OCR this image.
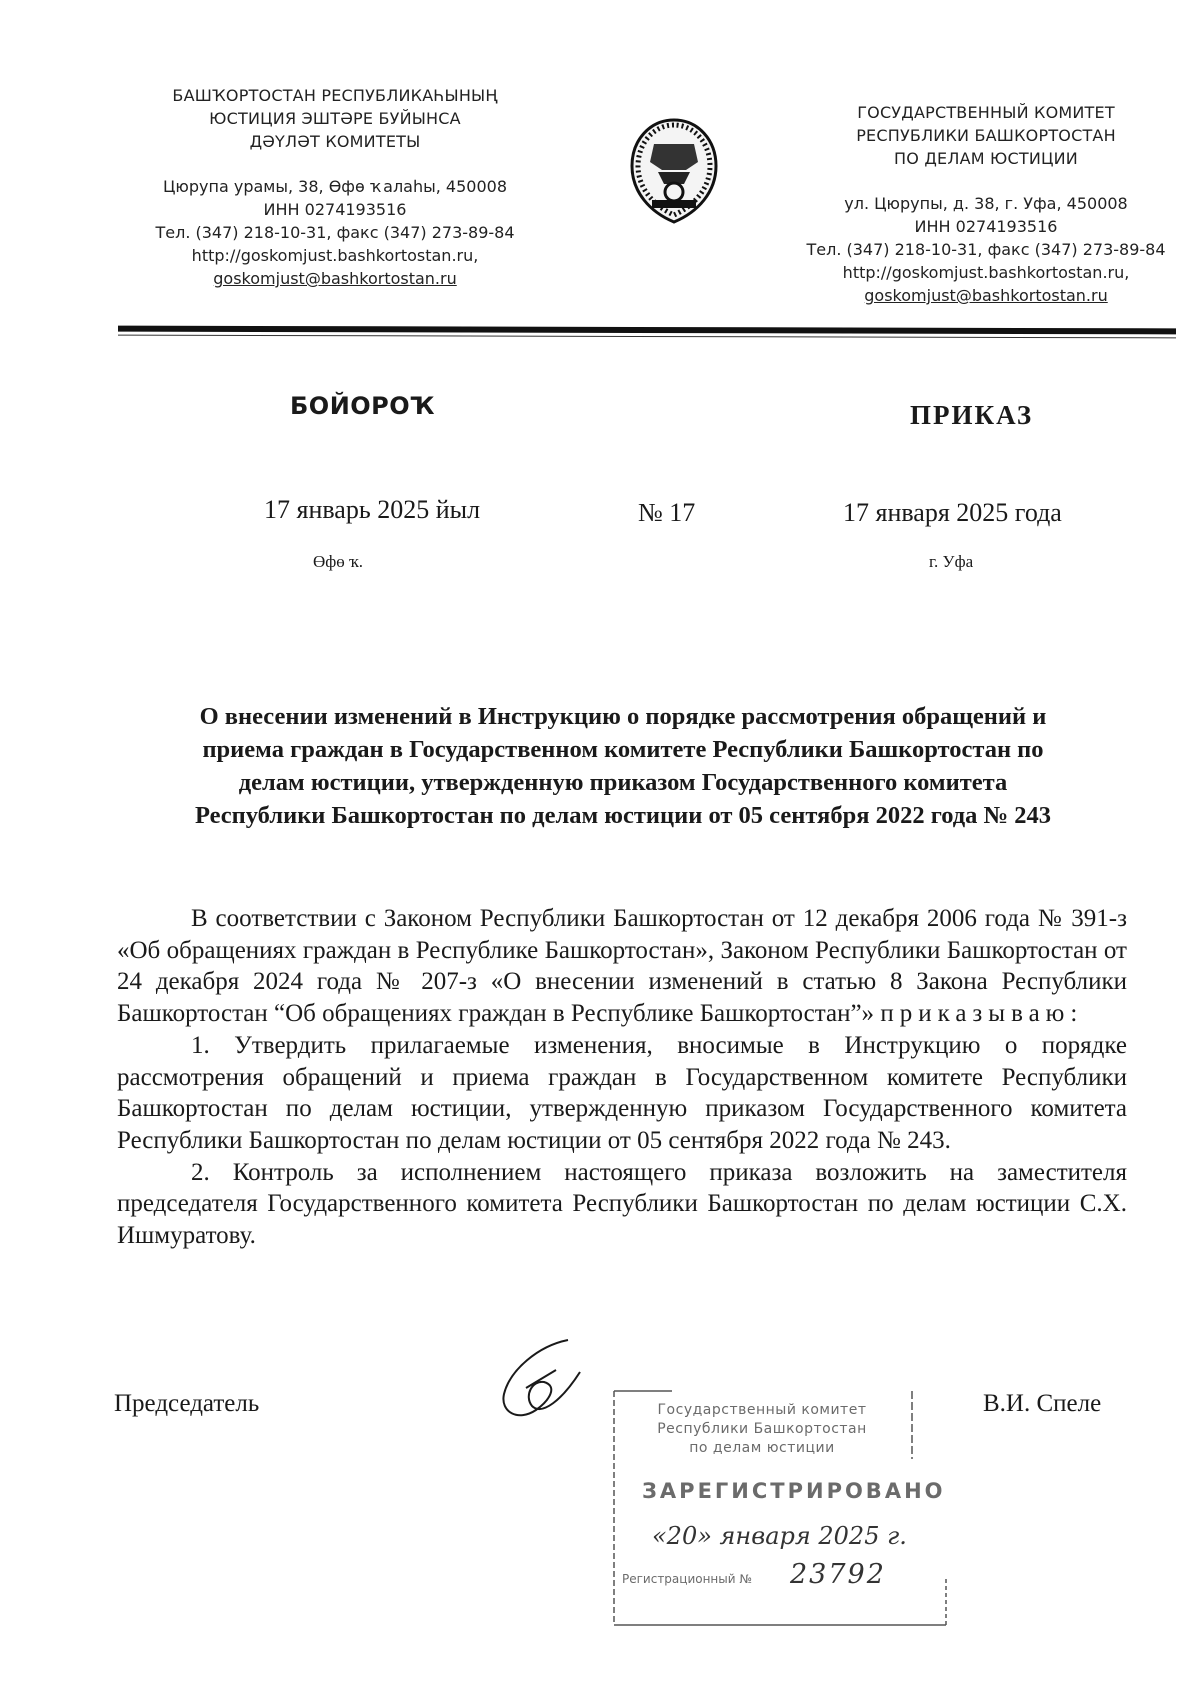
БАШҠОРТОСТАН РЕСПУБЛИКАҺЫНЫҢ
ЮСТИЦИЯ ЭШТӘРЕ БУЙЫНСА
ДӘҮЛӘТ КОМИТЕТЫ
Цюрупа урамы, 38, Өфө ҡалаһы, 450008
ИНН 0274193516
Тел. (347) 218-10-31, факс (347) 273-89-84
http://goskomjust.bashkortostan.ru,
goskomjust@bashkortostan.ru
ГОСУДАРСТВЕННЫЙ КОМИТЕТ
РЕСПУБЛИКИ БАШКОРТОСТАН
ПО ДЕЛАМ ЮСТИЦИИ
ул. Цюрупы, д. 38, г. Уфа, 450008
ИНН 0274193516
Тел. (347) 218-10-31, факс (347) 273-89-84
http://goskomjust.bashkortostan.ru,
goskomjust@bashkortostan.ru
БОЙОРОҠ	ПРИКАЗ
17 январь 2025 йыл	№ 17	17 января 2025 года
Өфө ҡ.	г. Уфа
О внесении изменений в Инструкцию о порядке рассмотрения обращений и
приема граждан в Государственном комитете Республики Башкортостан по
делам юстиции, утвержденную приказом Государственного комитета
Республики Башкортостан по делам юстиции от 05 сентября 2022 года № 243

В соответствии с Законом Республики Башкортостан от 12 декабря 2006 года № 391-з «Об обращениях граждан в Республике Башкортостан», Законом Республики Башкортостан от 24 декабря 2024 года № 207-з «О внесении изменений в статью 8 Закона Республики Башкортостан “Об обращениях граждан в Республике Башкортостан”» приказываю:

1. Утвердить прилагаемые изменения, вносимые в Инструкцию о порядке рассмотрения обращений и приема граждан в Государственном комитете Республики Башкортостан по делам юстиции, утвержденную приказом Государственного комитета Республики Башкортостан по делам юстиции от 05 сентября 2022 года № 243.

2. Контроль за исполнением настоящего приказа возложить на заместителя председателя Государственного комитета Республики Башкортостан по делам юстиции С.Х. Ишмуратову.

Председатель	В.И. Спеле
Государственный комитет
Республики Башкортостан
по делам юстиции
ЗАРЕГИСТРИРОВАНО
«20» января 2025 г.
Регистрационный № 23792
